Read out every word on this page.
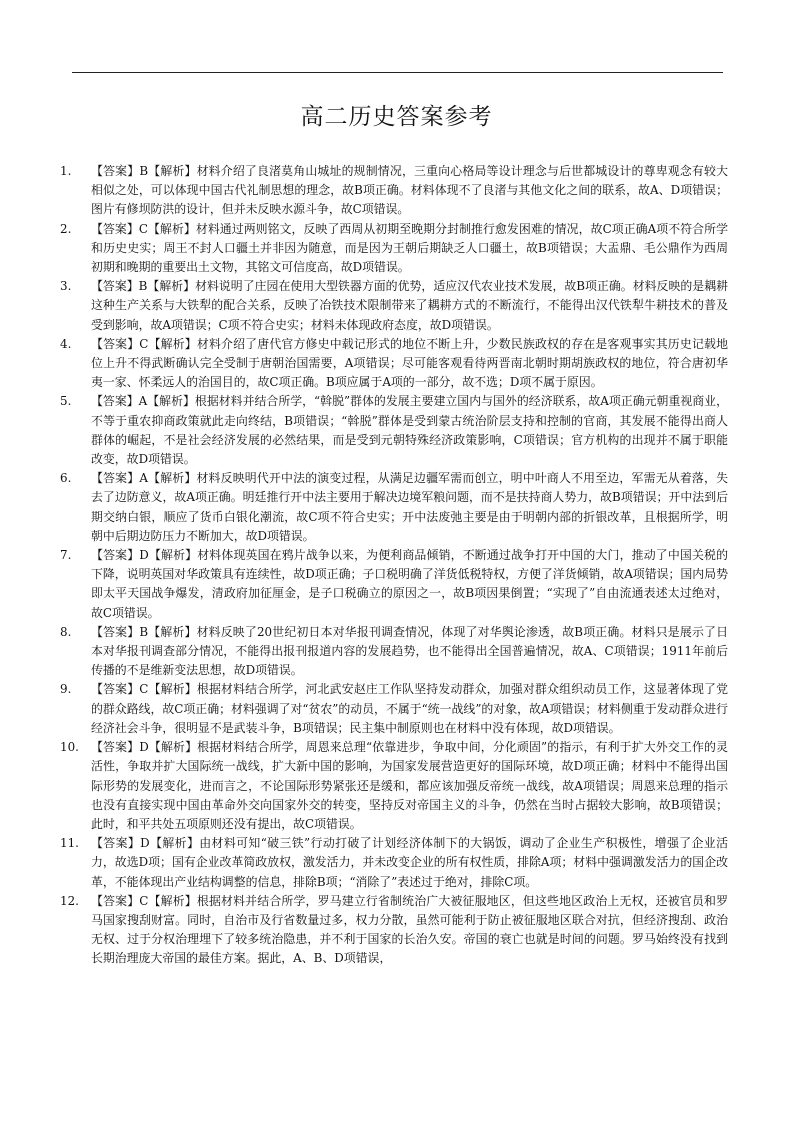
高二历史答案参考

1. 【答案】B【解析】材料介绍了良渚莫角山城址的规制情况，三重向心格局等设计理念与后世都城设计的尊卑观念有较大相似之处，可以体现中国古代礼制思想的理念，故B项正确。材料体现不了良渚与其他文化之间的联系，故A、D项错误；图片有修坝防洪的设计，但并未反映水源斗争，故C项错误。

2. 【答案】C【解析】材料通过两则铭文，反映了西周从初期至晚期分封制推行愈发困难的情况，故C项正确A项不符合所学和历史史实；周王不封人口疆土并非因为随意，而是因为王朝后期缺乏人口疆土，故B项错误；大盂鼎、毛公鼎作为西周初期和晚期的重要出土文物，其铭文可信度高，故D项错误。

3. 【答案】B【解析】材料说明了庄园在使用大型铁器方面的优势，适应汉代农业技术发展，故B项正确。材料反映的是耦耕这种生产关系与大铁犁的配合关系，反映了冶铁技术限制带来了耦耕方式的不断流行，不能得出汉代铁犁牛耕技术的普及受到影响，故A项错误；C项不符合史实；材料未体现政府态度，故D项错误。

4. 【答案】C【解析】材料介绍了唐代官方修史中载记形式的地位不断上升，少数民族政权的存在是客观事实其历史记载地位上升不得武断确认完全受制于唐朝治国需要，A项错误；尽可能客观看待两晋南北朝时期胡族政权的地位，符合唐初华夷一家、怀柔远人的治国目的，故C项正确。B项应属于A项的一部分，故不选；D项不属于原因。

5. 【答案】A【解析】根据材料并结合所学，“斡脱”群体的发展主要建立国内与国外的经济联系，故A项正确元朝重视商业，不等于重农抑商政策就此走向终结，B项错误；“斡脱”群体是受到蒙古统治阶层支持和控制的官商，其发展不能得出商人群体的崛起，不是社会经济发展的必然结果，而是受到元朝特殊经济政策影响，C项错误；官方机构的出现并不属于职能改变，故D项错误。

6. 【答案】A【解析】材料反映明代开中法的演变过程，从满足边疆军需而创立，明中叶商人不用至边，军需无从着落，失去了边防意义，故A项正确。明廷推行开中法主要用于解决边境军粮问题，而不是扶持商人势力，故B项错误；开中法到后期交纳白银，顺应了货币白银化潮流，故C项不符合史实；开中法废弛主要是由于明朝内部的折银改革，且根据所学，明朝中后期边防压力不断加大，故D项错误。

7. 【答案】D【解析】材料体现英国在鸦片战争以来，为便利商品倾销，不断通过战争打开中国的大门，推动了中国关税的下降，说明英国对华政策具有连续性，故D项正确；子口税明确了洋货低税特权，方便了洋货倾销，故A项错误；国内局势即太平天国战争爆发，清政府加征厘金，是子口税确立的原因之一，故B项因果倒置；“实现了”自由流通表述太过绝对，故C项错误。

8. 【答案】B【解析】材料反映了20世纪初日本对华报刊调查情况，体现了对华舆论渗透，故B项正确。材料只是展示了日本对华报刊调查部分情况，不能得出报刊报道内容的发展趋势，也不能得出全国普遍情况，故A、C项错误；1911年前后传播的不是维新变法思想，故D项错误。

9. 【答案】C【解析】根据材料结合所学，河北武安赵庄工作队坚持发动群众，加强对群众组织动员工作，这显著体现了党的群众路线，故C项正确；材料强调了对“贫农”的动员，不属于“统一战线”的对象，故A项错误；材料侧重于发动群众进行经济社会斗争，很明显不是武装斗争，B项错误；民主集中制原则也在材料中没有体现，故D项错误。

10. 【答案】D【解析】根据材料结合所学，周恩来总理“依靠进步，争取中间，分化顽固”的指示，有利于扩大外交工作的灵活性，争取并扩大国际统一战线，扩大新中国的影响，为国家发展营造更好的国际环境，故D项正确；材料中不能得出国际形势的发展变化，进而言之，不论国际形势紧张还是缓和，都应该加强反帝统一战线，故A项错误；周恩来总理的指示也没有直接实现中国由革命外交向国家外交的转变，坚持反对帝国主义的斗争，仍然在当时占据较大影响，故B项错误；此时，和平共处五项原则还没有提出，故C项错误。

11. 【答案】D【解析】由材料可知“破三铁”行动打破了计划经济体制下的大锅饭，调动了企业生产积极性，增强了企业活力，故选D项；国有企业改革简政放权，激发活力，并未改变企业的所有权性质，排除A项；材料中强调激发活力的国企改革，不能体现出产业结构调整的信息，排除B项；“消除了”表述过于绝对，排除C项。

12. 【答案】C【解析】根据材料并结合所学，罗马建立行省制统治广大被征服地区，但这些地区政治上无权，还被官员和罗马国家搜刮财富。同时，自治市及行省数量过多，权力分散，虽然可能利于防止被征服地区联合对抗，但经济搜刮、政治无权、过于分权治理埋下了较多统治隐患，并不利于国家的长治久安。帝国的衰亡也就是时间的问题。罗马始终没有找到长期治理庞大帝国的最佳方案。据此，A、B、D项错误，
